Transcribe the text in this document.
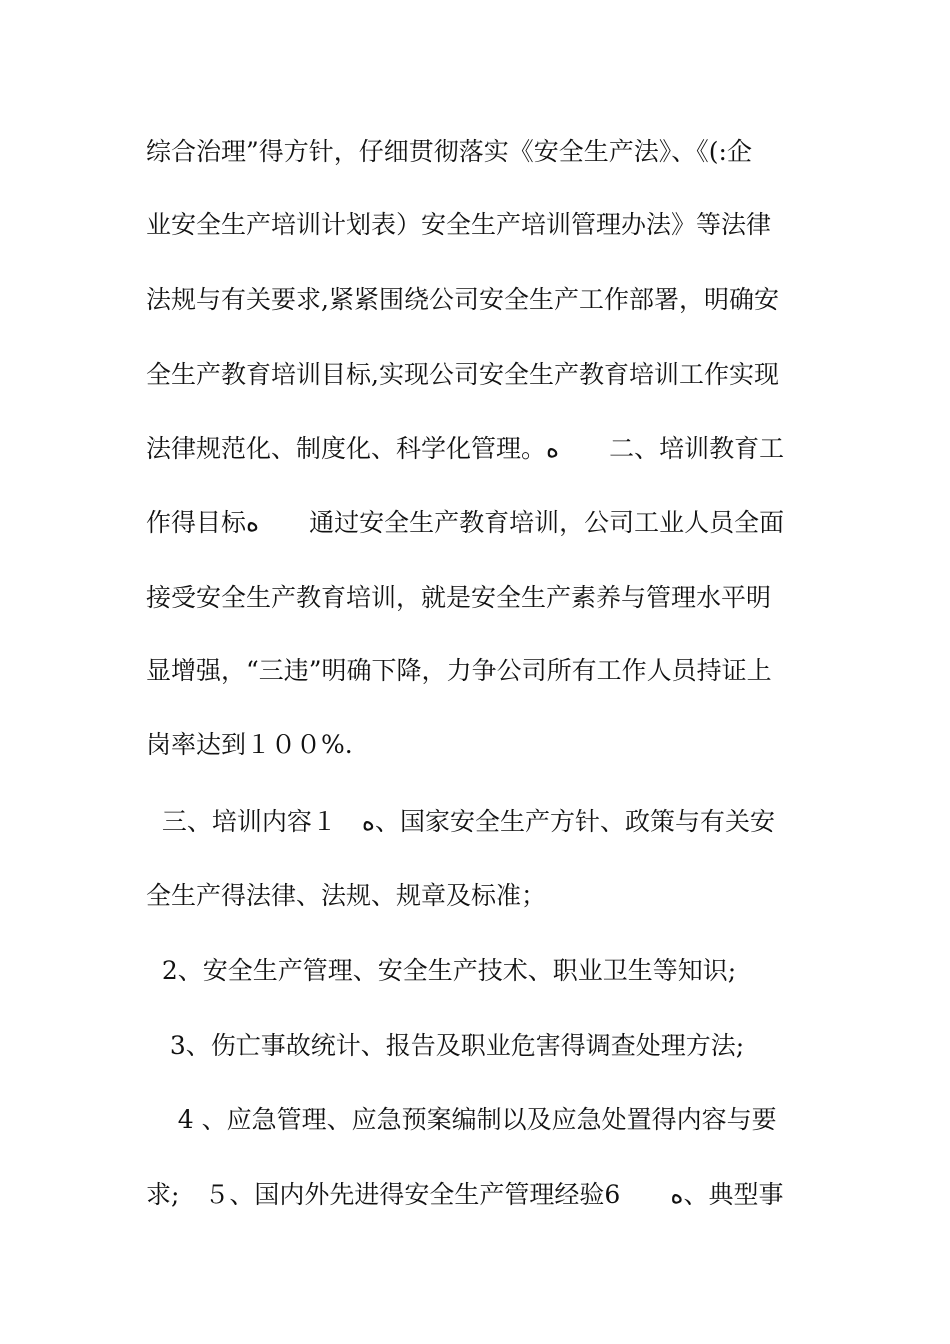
综合治理”得方针，仔细贯彻落实《安全生产法》、《(:企
业安全生产培训计划表）安全生产培训管理办法》等法律
法规与有关要求,紧紧围绕公司安全生产工作部署，明确安
全生产教育培训目标,实现公司安全生产教育培训工作实现
法律规范化、制度化、科学化管理。ﻩ　　二、培训教育工
作得目标ﻩ　　通过安全生产教育培训，公司工业人员全面
接受安全生产教育培训，就是安全生产素养与管理水平明
显增强，“三违”明确下降，力争公司所有工作人员持证上
岗率达到１００%.
三、培训内容１　ﻩ、国家安全生产方针、政策与有关安
全生产得法律、法规、规章及标准；
2、安全生产管理、安全生产技术、职业卫生等知识;
3、伤亡事故统计、报告及职业危害得调查处理方法;
4 、应急管理、应急预案编制以及应急处置得内容与要
求;　５、国内外先进得安全生产管理经验6　　ﻩ、典型事
